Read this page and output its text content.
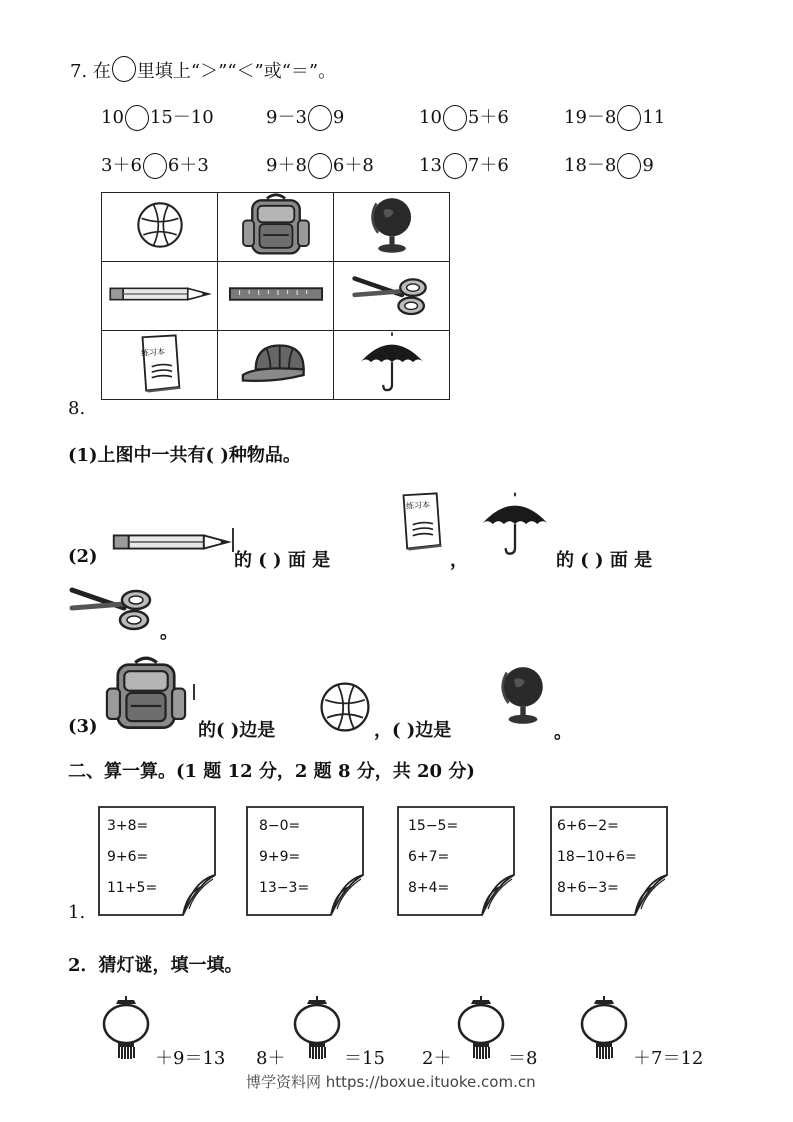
7. 在 里填上“＞”“＜”或“＝”。
10 15－10	9－3 9	10 5＋6	19－8 11
3＋6 6＋3	9＋8 6＋8	13 7＋6	18－8 9
8.

练习本

(1)上图中一共有( )种物品。
(2)	的 ( ) 面 是
练习本
，	的 ( ) 面 是
。
(3)	的( )边是	，( )边是	。
二、算一算。(1 题 12 分，2 题 8 分，共 20 分)
1.
3+8=
9+6=
11+5=
8−0=
9+9=
13−3=
15−5=
6+7=
8+4=
6+6−2=
18−10+6=
8+6−3=
2．猜灯谜，填一填。
＋9＝13 8＋	＝15 2＋	＝8	＋7＝12
博学资料网 https://boxue.ituoke.com.cn
